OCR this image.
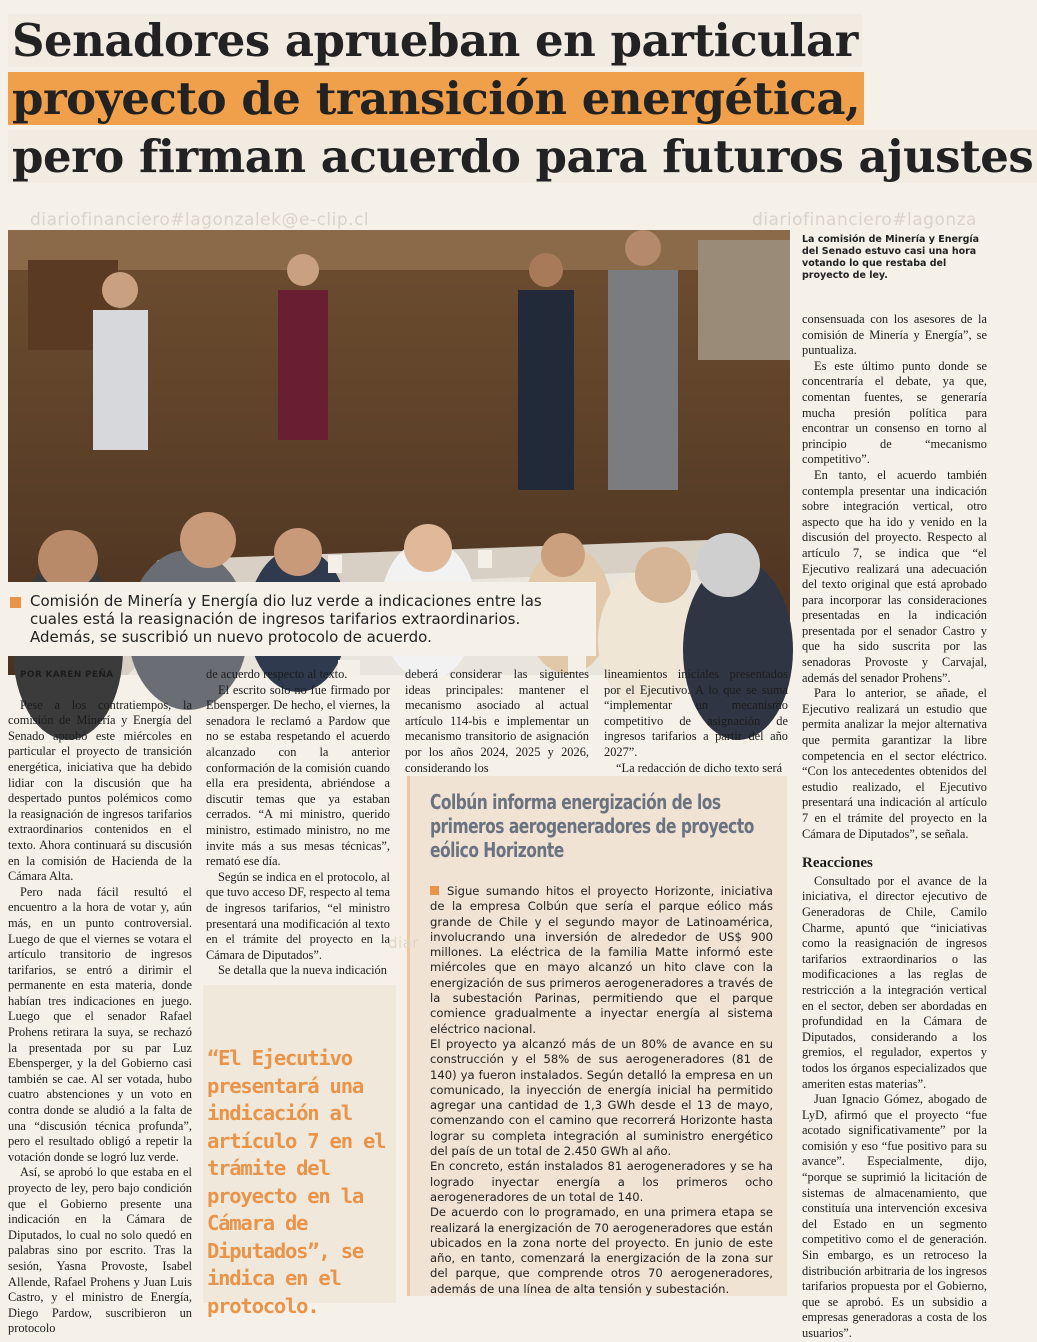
Senadores aprueban en particular
proyecto de transición energética,
pero firman acuerdo para futuros ajustes
diariofinanciero#lagonzalek@e-clip.cl	diariofinanciero#lagonza

Comisión de Minería y Energía dio luz verde a indicaciones entre las cuales está la reasignación de ingresos tarifarios extraordinarios. Además, se suscribió un nuevo protocolo de acuerdo.

La comisión de Minería y Energía del Senado estuvo casi una hora votando lo que restaba del proyecto de ley.

POR KAREN PEÑA

Pese a los contratiempos, la comisión de Minería y Energía del Senado aprobó este miércoles en particular el proyecto de transición energética, iniciativa que ha debido lidiar con la discusión que ha despertado puntos polémicos como la reasignación de ingresos tarifarios extraordinarios contenidos en el texto. Ahora continuará su discusión en la comisión de Hacienda de la Cámara Alta.

Pero nada fácil resultó el encuentro a la hora de votar y, aún más, en un punto controversial. Luego de que el viernes se votara el artículo transitorio de ingresos tarifarios, se entró a dirimir el permanente en esta materia, donde habían tres indicaciones en juego. Luego que el senador Rafael Prohens retirara la suya, se rechazó la presentada por su par Luz Ebensperger, y la del Gobierno casi también se cae. Al ser votada, hubo cuatro abstenciones y un voto en contra donde se aludió a la falta de una “discusión técnica profunda”, pero el resultado obligó a repetir la votación donde se logró luz verde.

Así, se aprobó lo que estaba en el proyecto de ley, pero bajo condición que el Gobierno presente una indicación en la Cámara de Diputados, lo cual no solo quedó en palabras sino por escrito. Tras la sesión, Yasna Provoste, Isabel Allende, Rafael Prohens y Juan Luis Castro, y el ministro de Energía, Diego Pardow, suscribieron un protocolo

de acuerdo respecto al texto.

El escrito solo no fue firmado por Ebensperger. De hecho, el viernes, la senadora le reclamó a Pardow que no se estaba respetando el acuerdo alcanzado con la anterior conformación de la comisión cuando ella era presidenta, abriéndose a discutir temas que ya estaban cerrados. “A mi ministro, querido ministro, estimado ministro, no me invite más a sus mesas técnicas”, remató ese día.

Según se indica en el protocolo, al que tuvo acceso DF, respecto al tema de ingresos tarifarios, “el ministro presentará una modificación al texto en el trámite del proyecto en la Cámara de Diputados”.

Se detalla que la nueva indicación

“El Ejecutivo presentará una indicación al artículo 7 en el trámite del proyecto en la Cámara de Diputados”, se indica en el protocolo.

deberá considerar las siguientes ideas principales: mantener el mecanismo asociado al actual artículo 114-bis e implementar un mecanismo transitorio de asignación por los años 2024, 2025 y 2026, considerando los

lineamientos iniciales presentados por el Ejecutivo. A lo que se suma “implementar un mecanismo competitivo de asignación de ingresos tarifarios a partir del año 2027”.

“La redacción de dicho texto será

Colbún informa energización de los primeros aerogeneradores de proyecto eólico Horizonte

Sigue sumando hitos el proyecto Horizonte, iniciativa de la empresa Colbún que sería el parque eólico más grande de Chile y el segundo mayor de Latinoamérica, involucrando una inversión de alrededor de US$ 900 millones. La eléctrica de la familia Matte informó este miércoles que en mayo alcanzó un hito clave con la energización de sus primeros aerogeneradores a través de la subestación Parinas, permitiendo que el parque comience gradualmente a inyectar energía al sistema eléctrico nacional.

El proyecto ya alcanzó más de un 80% de avance en su construcción y el 58% de sus aerogeneradores (81 de 140) ya fueron instalados. Según detalló la empresa en un comunicado, la inyección de energía inicial ha permitido agregar una cantidad de 1,3 GWh desde el 13 de mayo, comenzando con el camino que recorrerá Horizonte hasta lograr su completa integración al suministro energético del país de un total de 2.450 GWh al año.

En concreto, están instalados 81 aerogeneradores y se ha logrado inyectar energía a los primeros ocho aerogeneradores de un total de 140.

De acuerdo con lo programado, en una primera etapa se realizará la energización de 70 aerogeneradores que están ubicados en la zona norte del proyecto. En junio de este año, en tanto, comenzará la energización de la zona sur del parque, que comprende otros 70 aerogeneradores, además de una línea de alta tensión y subestación.

diar

consensuada con los asesores de la comisión de Minería y Energía”, se puntualiza.

Es este último punto donde se concentraría el debate, ya que, comentan fuentes, se generaría mucha presión política para encontrar un consenso en torno al principio de “mecanismo competitivo”.

En tanto, el acuerdo también contempla presentar una indicación sobre integración vertical, otro aspecto que ha ido y venido en la discusión del proyecto. Respecto al artículo 7, se indica que “el Ejecutivo realizará una adecuación del texto original que está aprobado para incorporar las consideraciones presentadas en la indicación presentada por el senador Castro y que ha sido suscrita por las senadoras Provoste y Carvajal, además del senador Prohens”.

Para lo anterior, se añade, el Ejecutivo realizará un estudio que permita analizar la mejor alternativa que permita garantizar la libre competencia en el sector eléctrico. “Con los antecedentes obtenidos del estudio realizado, el Ejecutivo presentará una indicación al artículo 7 en el trámite del proyecto en la Cámara de Diputados”, se señala.

Reacciones

Consultado por el avance de la iniciativa, el director ejecutivo de Generadoras de Chile, Camilo Charme, apuntó que “iniciativas como la reasignación de ingresos tarifarios extraordinarios o las modificaciones a las reglas de restricción a la integración vertical en el sector, deben ser abordadas en profundidad en la Cámara de Diputados, considerando a los gremios, el regulador, expertos y todos los órganos especializados que ameriten estas materias”.

Juan Ignacio Gómez, abogado de LyD, afirmó que el proyecto “fue acotado significativamente” por la comisión y eso “fue positivo para su avance”. Especialmente, dijo, “porque se suprimió la licitación de sistemas de almacenamiento, que constituía una intervención excesiva del Estado en un segmento competitivo como el de generación. Sin embargo, es un retroceso la distribución arbitraria de los ingresos tarifarios propuesta por el Gobierno, que se aprobó. Es un subsidio a empresas generadoras a costa de los usuarios”.
